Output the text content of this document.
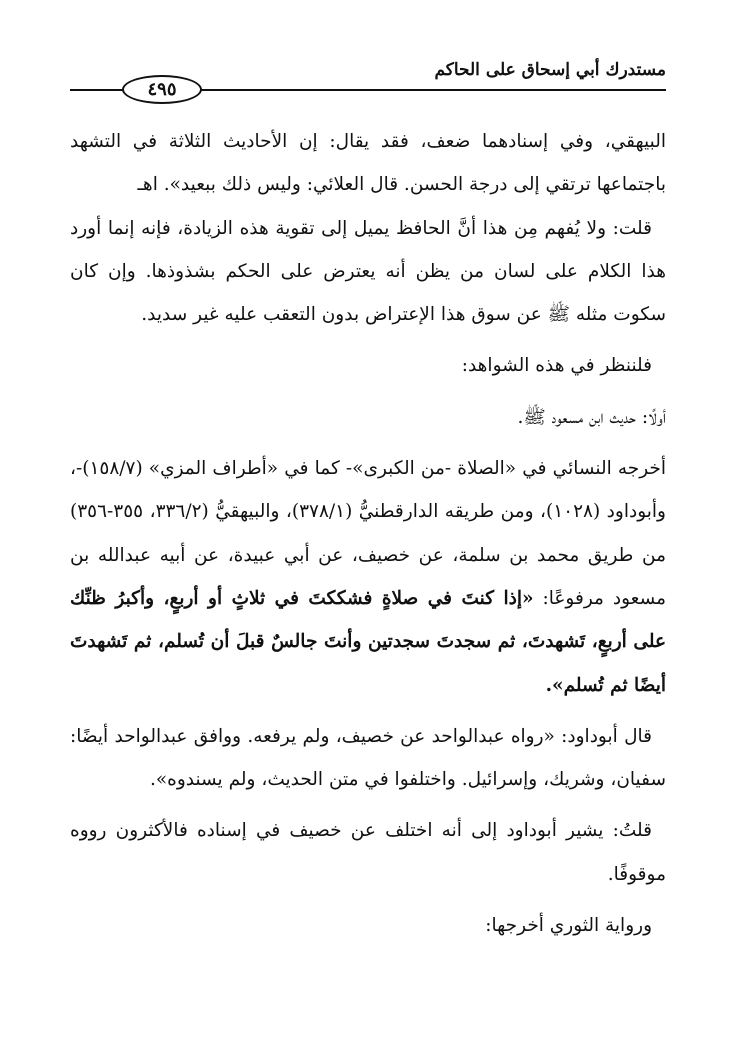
مستدرك أبي إسحاق على الحاكم
٤٩٥

البيهقي، وفي إسنادهما ضعف، فقد يقال: إن الأحاديث الثلاثة في التشهد باجتماعها ترتقي إلى درجة الحسن. قال العلائي: وليس ذلك ببعيد». اهـ

قلت: ولا يُفهم مِن هذا أنَّ الحافظ يميل إلى تقوية هذه الزيادة، فإنه إنما أورد هذا الكلام على لسان من يظن أنه يعترض على الحكم بشذوذها. وإن كان سكوت مثله ﷺ عن سوق هذا الإعتراض بدون التعقب عليه غير سديد.

فلننظر في هذه الشواهد:

أولًا: حديث ابن مسعود ﷺ.

أخرجه النسائي في «الصلاة -من الكبرى»- كما في «أطراف المزي» (١٥٨/٧)-، وأبوداود (١٠٢٨)، ومن طريقه الدارقطنيُّ (٣٧٨/١)، والبيهقيُّ (٣٣٦/٢، ٣٥٥-٣٥٦) من طريق محمد بن سلمة، عن خصيف، عن أبي عبيدة، عن أبيه عبدالله بن مسعود مرفوعًا: «إذا كنتَ في صلاةٍ فشككتَ في ثلاثٍ أو أربعٍ، وأكبرُ ظنِّك على أربعٍ، تَشهدتَ، ثم سجدتَ سجدتين وأنتَ جالسٌ قبلَ أن تُسلم، ثم تَشهدتَ أيضًا ثم تُسلم».

قال أبوداود: «رواه عبدالواحد عن خصيف، ولم يرفعه. ووافق عبدالواحد أيضًا: سفيان، وشريك، وإسرائيل. واختلفوا في متن الحديث، ولم يسندوه».

قلتُ: يشير أبوداود إلى أنه اختلف عن خصيف في إسناده فالأكثرون رووه موقوفًا.

ورواية الثوري أخرجها:
